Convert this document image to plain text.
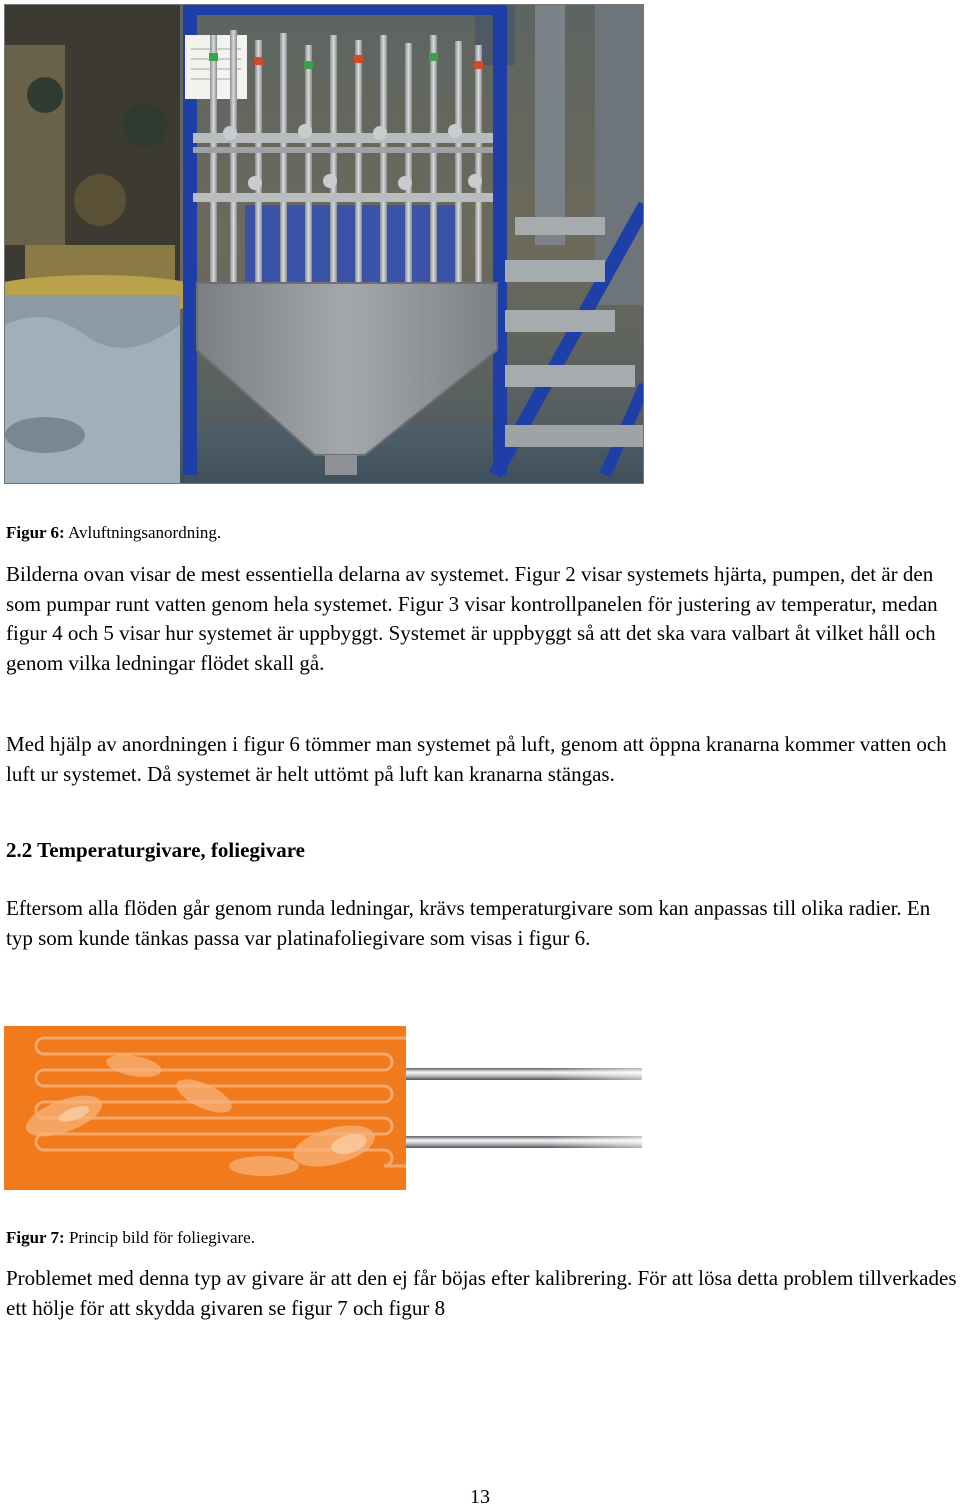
Figur 6: Avluftningsanordning.

Bilderna ovan visar de mest essentiella delarna av systemet. Figur 2 visar systemets hjärta, pumpen, det är den som pumpar runt vatten genom hela systemet. Figur 3 visar kontrollpanelen för justering av temperatur, medan figur 4 och 5 visar hur systemet är uppbyggt. Systemet är uppbyggt så att det ska vara valbart åt vilket håll och genom vilka ledningar flödet skall gå.

Med hjälp av anordningen i figur 6 tömmer man systemet på luft, genom att öppna kranarna kommer vatten och luft ur systemet. Då systemet är helt uttömt på luft kan kranarna stängas.

2.2 Temperaturgivare, foliegivare

Eftersom alla flöden går genom runda ledningar, krävs temperaturgivare som kan anpassas till olika radier. En typ som kunde tänkas passa var platinafoliegivare som visas i figur 6.

Figur 7: Princip bild för foliegivare.

Problemet med denna typ av givare är att den ej får böjas efter kalibrering. För att lösa detta problem tillverkades ett hölje för att skydda givaren se figur 7 och figur 8

13
